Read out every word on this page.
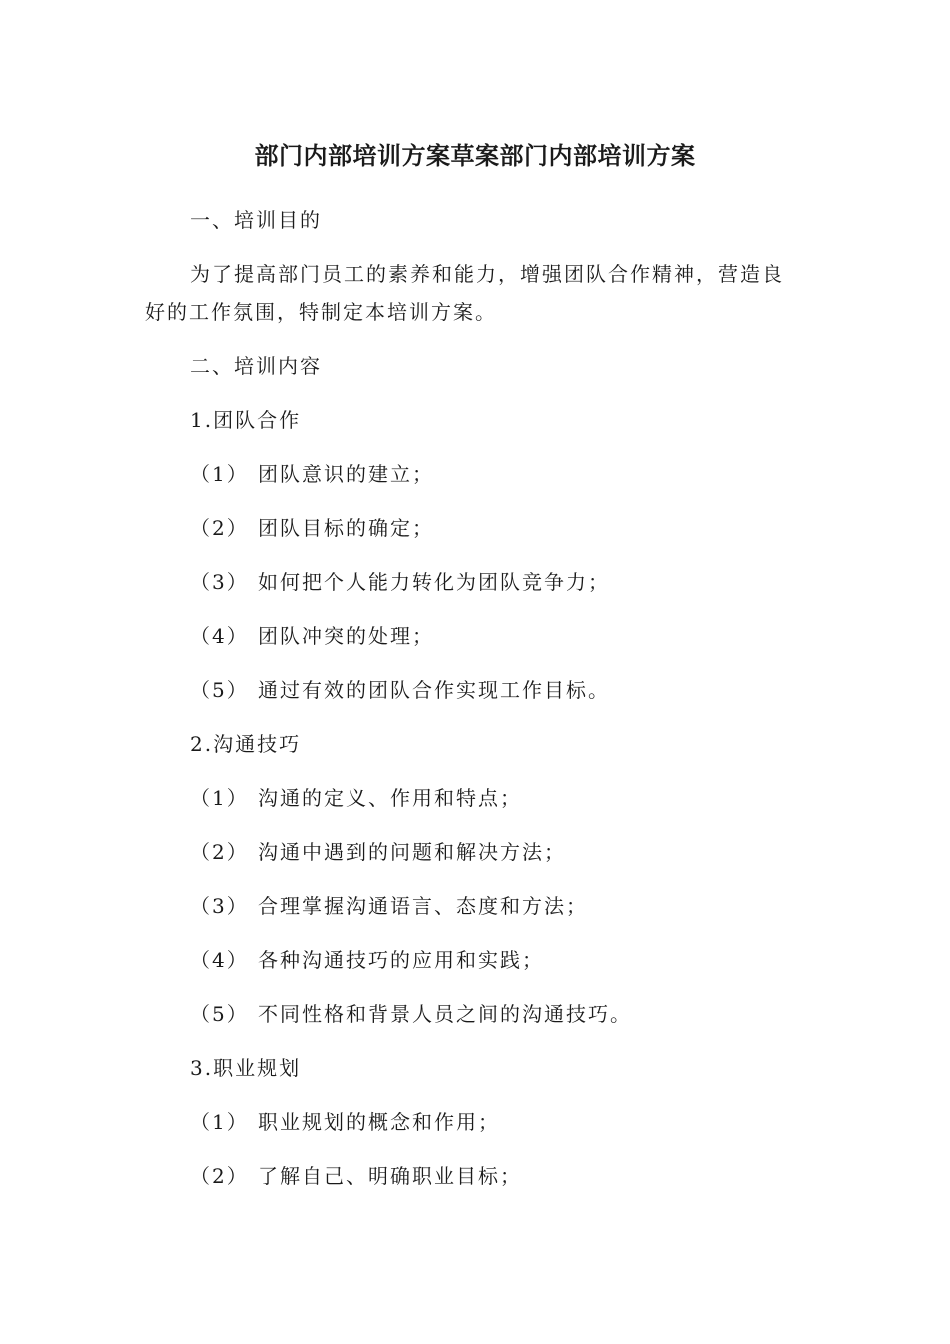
部门内部培训方案草案部门内部培训方案
一、培训目的
为了提高部门员工的素养和能力，增强团队合作精神，营造良
好的工作氛围，特制定本培训方案。
二、培训内容
1.团队合作
（1） 团队意识的建立；
（2） 团队目标的确定；
（3） 如何把个人能力转化为团队竞争力；
（4） 团队冲突的处理；
（5） 通过有效的团队合作实现工作目标。
2.沟通技巧
（1） 沟通的定义、作用和特点；
（2） 沟通中遇到的问题和解决方法；
（3） 合理掌握沟通语言、态度和方法；
（4） 各种沟通技巧的应用和实践；
（5） 不同性格和背景人员之间的沟通技巧。
3.职业规划
（1） 职业规划的概念和作用；
（2） 了解自己、明确职业目标；
